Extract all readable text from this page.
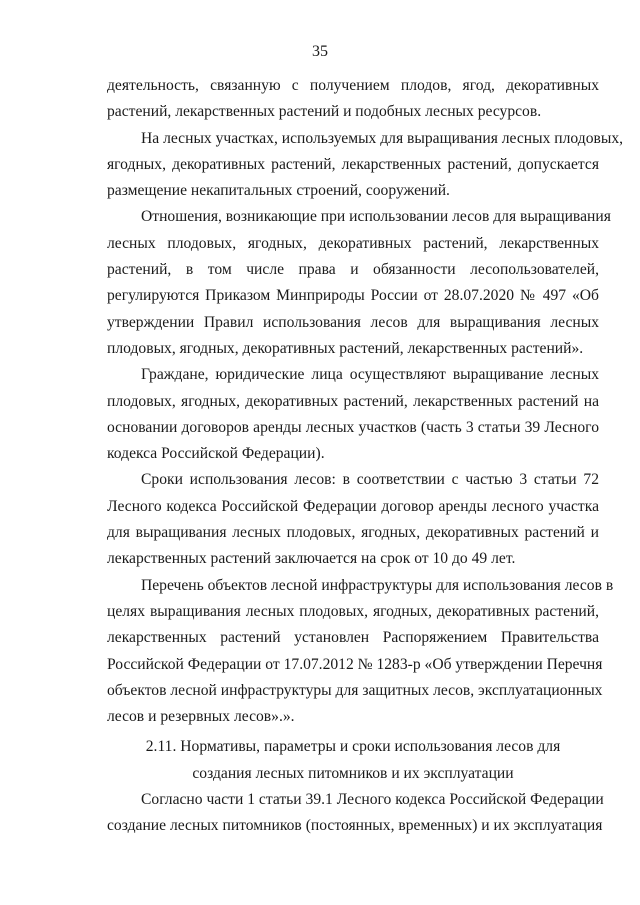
35
деятельность, связанную с получением плодов, ягод, декоративных
растений, лекарственных растений и подобных лесных ресурсов.
На лесных участках, используемых для выращивания лесных плодовых,
ягодных, декоративных растений, лекарственных растений, допускается
размещение некапитальных строений, сооружений.
Отношения, возникающие при использовании лесов для выращивания
лесных плодовых, ягодных, декоративных растений, лекарственных
растений, в том числе права и обязанности лесопользователей,
регулируются Приказом Минприроды России от 28.07.2020 № 497 «Об
утверждении Правил использования лесов для выращивания лесных
плодовых, ягодных, декоративных растений, лекарственных растений».
Граждане, юридические лица осуществляют выращивание лесных
плодовых, ягодных, декоративных растений, лекарственных растений на
основании договоров аренды лесных участков (часть 3 статьи 39 Лесного
кодекса Российской Федерации).
Сроки использования лесов: в соответствии с частью 3 статьи 72
Лесного кодекса Российской Федерации договор аренды лесного участка
для выращивания лесных плодовых, ягодных, декоративных растений и
лекарственных растений заключается на срок от 10 до 49 лет.
Перечень объектов лесной инфраструктуры для использования лесов в
целях выращивания лесных плодовых, ягодных, декоративных растений,
лекарственных растений установлен Распоряжением Правительства
Российской Федерации от 17.07.2012 № 1283-р «Об утверждении Перечня
объектов лесной инфраструктуры для защитных лесов, эксплуатационных
лесов и резервных лесов».».
2.11. Нормативы, параметры и сроки использования лесов для
создания лесных питомников и их эксплуатации
Согласно части 1 статьи 39.1 Лесного кодекса Российской Федерации
создание лесных питомников (постоянных, временных) и их эксплуатация
